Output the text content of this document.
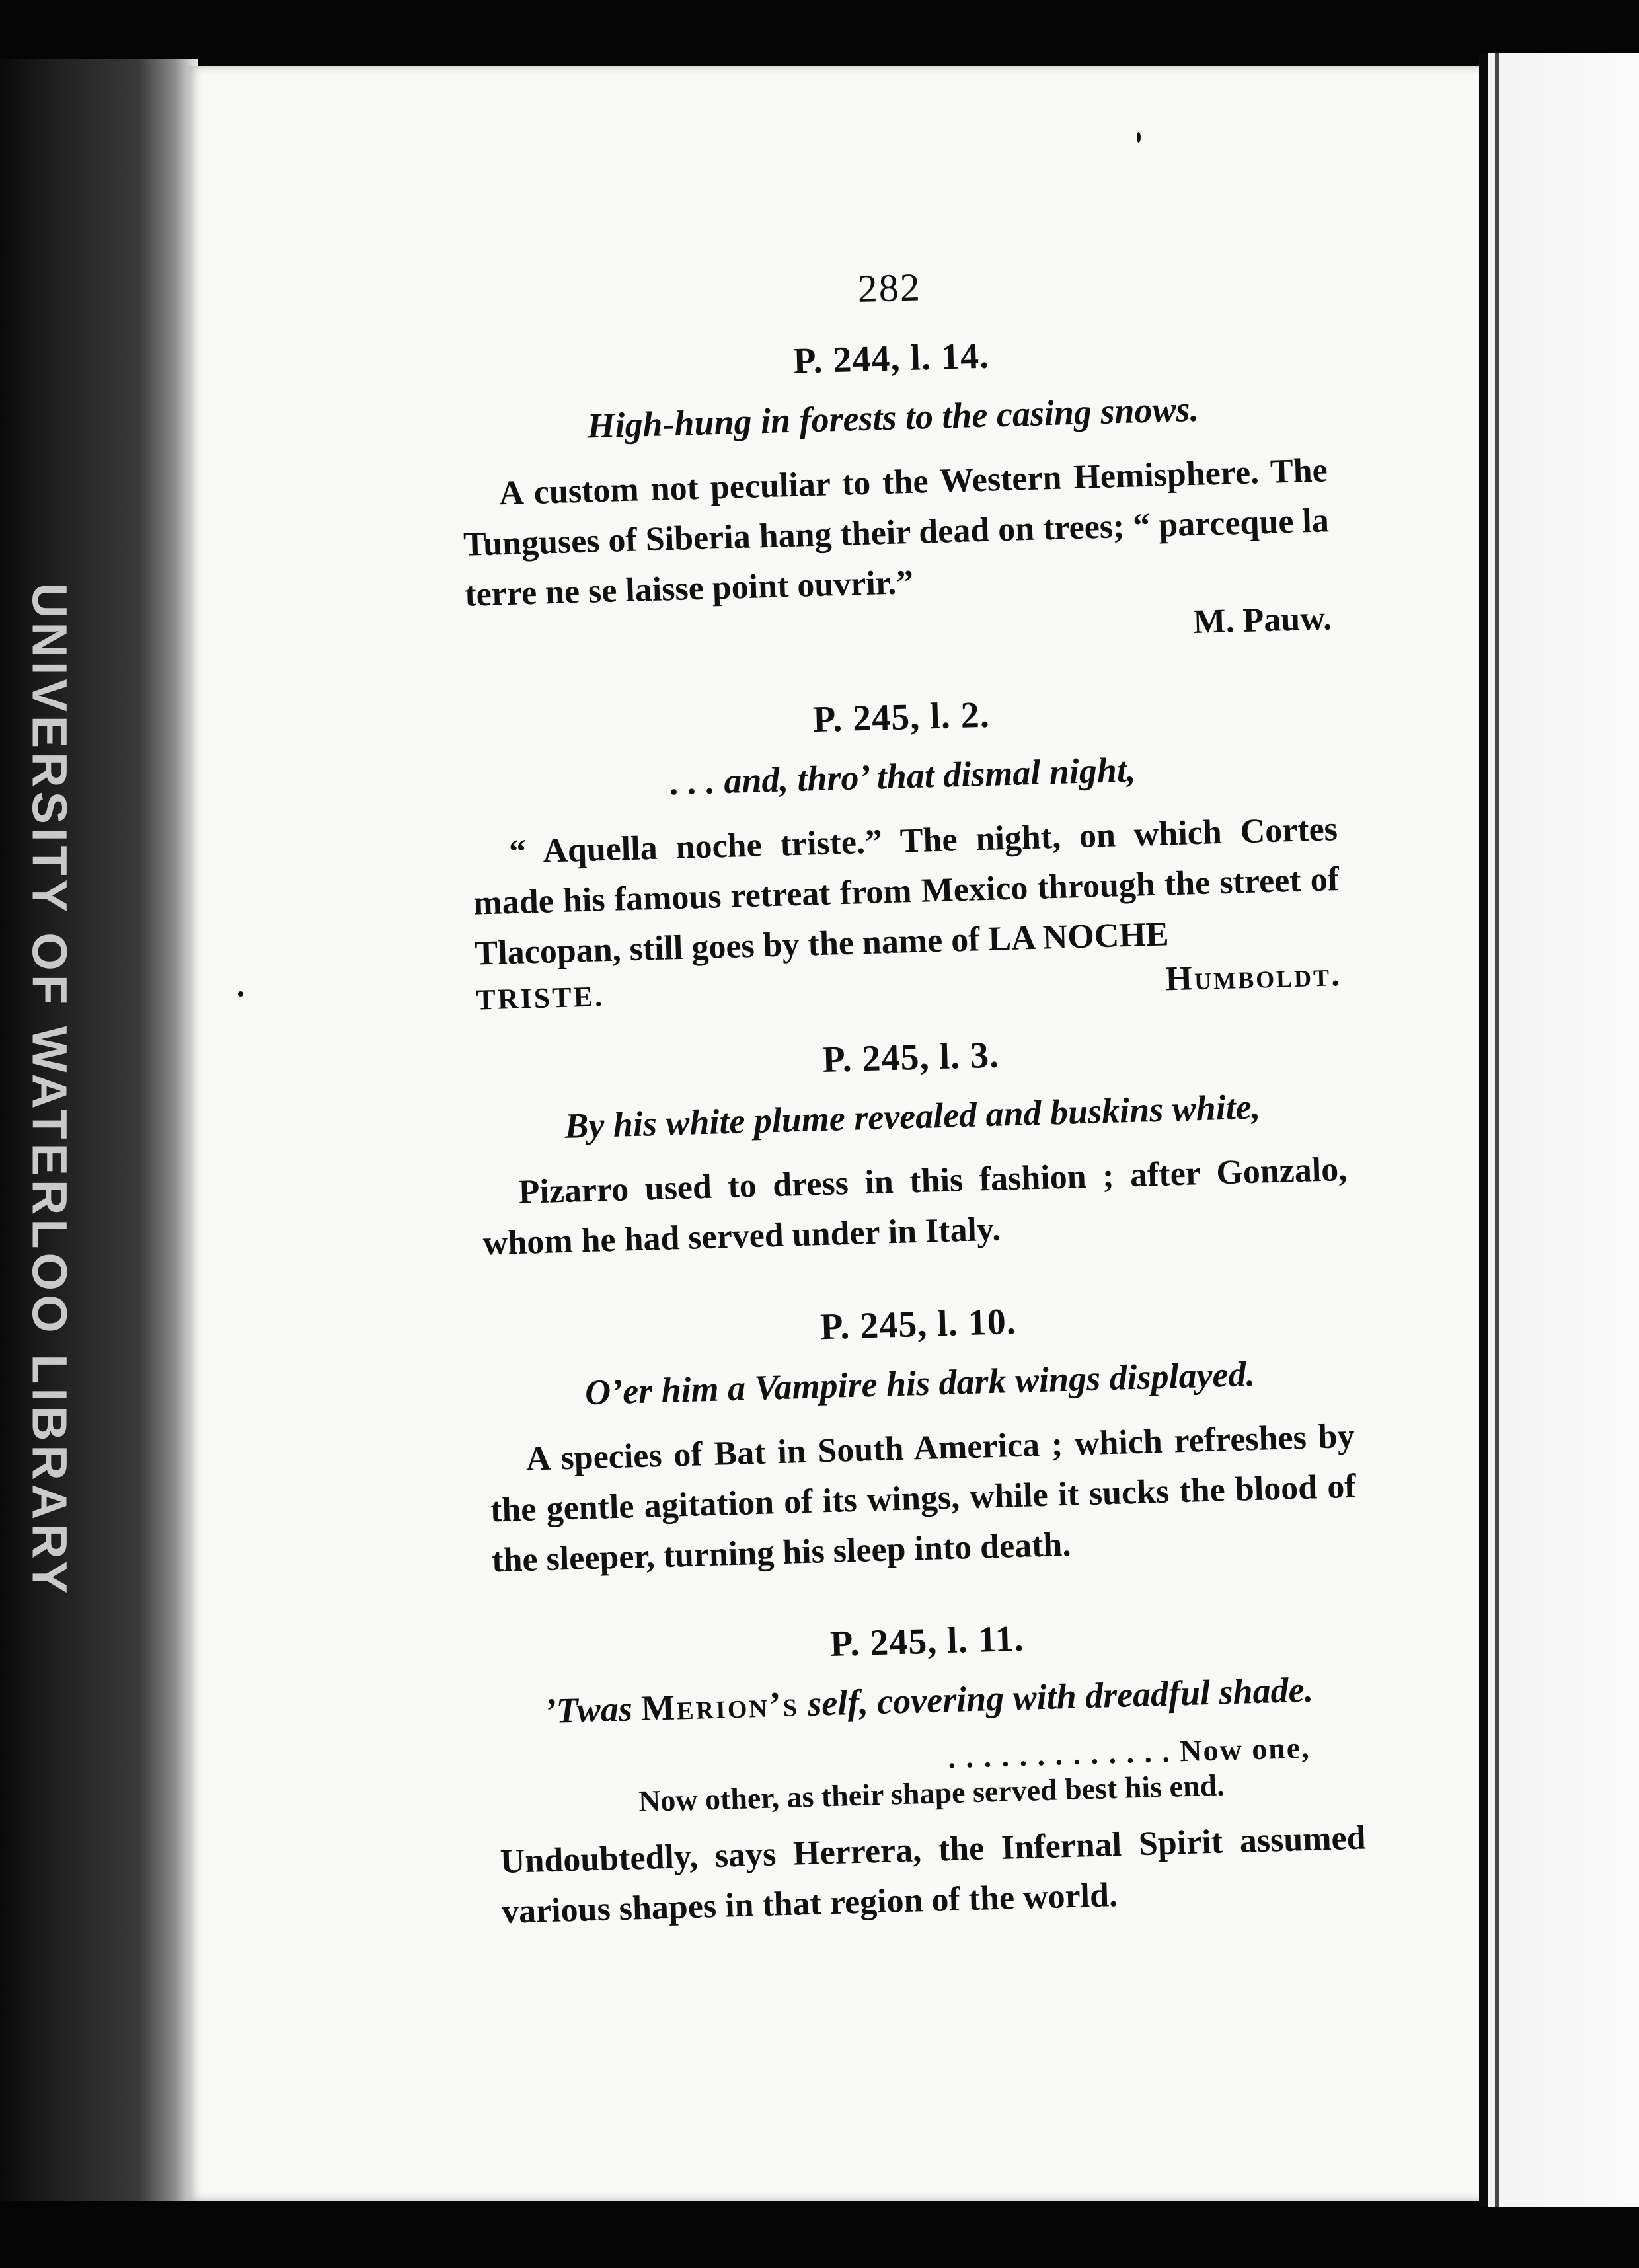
UNIVERSITY OF WATERLOO LIBRARY
282
P. 244, l. 14.
High-hung in forests to the casing snows.

A custom not peculiar to the Western Hemisphere. The Tunguses of Siberia hang their dead on trees; “ parceque la terre ne se laisse point ouvrir.”

M. Pauw.
P. 245, l. 2.
. . . and, thro’ that dismal night,

“ Aquella noche triste.” The night, on which Cortes made his famous retreat from Mexico through the street of Tlacopan, still goes by the name of LA NOCHE

TRISTE.	Humboldt.
P. 245, l. 3.
By his white plume revealed and buskins white,

Pizarro used to dress in this fashion ; after Gonzalo, whom he had served under in Italy.

P. 245, l. 10.
O’er him a Vampire his dark wings displayed.

A species of Bat in South America ; which refreshes by the gentle agitation of its wings, while it sucks the blood of the sleeper, turning his sleep into death.

P. 245, l. 11.
’Twas Merion’s self, covering with dreadful shade.

. . . . . . . . . . . . . Now one,

Now other, as their shape served best his end.

Undoubtedly, says Herrera, the Infernal Spirit assumed various shapes in that region of the world.
